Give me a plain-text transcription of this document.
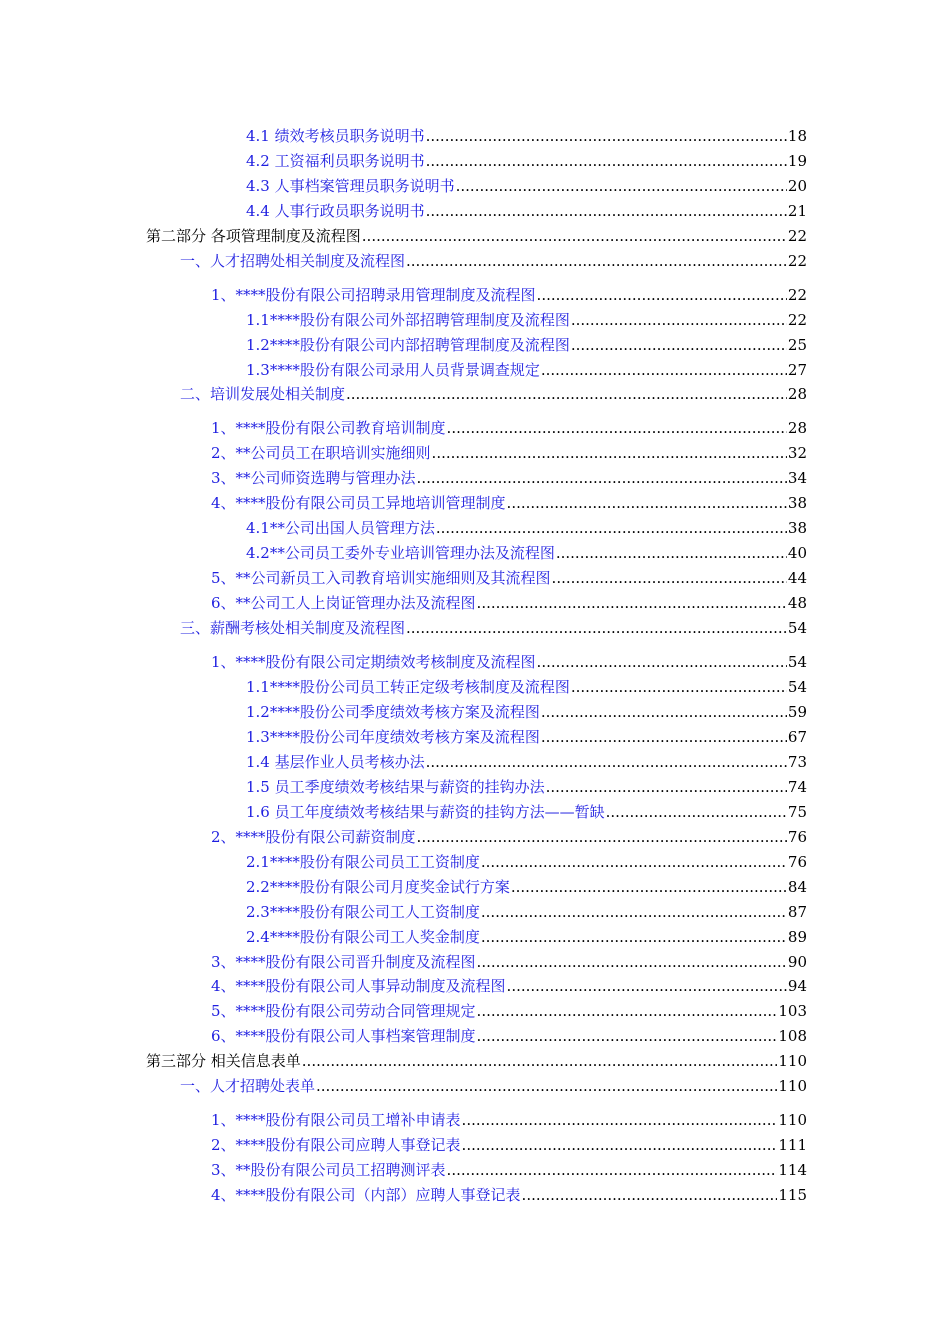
4.1 绩效考核员职务说明书 .....	18
4.2 工资福利员职务说明书 .....	19
4.3 人事档案管理员职务说明书 .....	20
4.4 人事行政员职务说明书 .....	21
第二部分 各项管理制度及流程图 .....	22
一、人才招聘处相关制度及流程图 .....	22
1、****股份有限公司招聘录用管理制度及流程图 .....	22
1.1****股份有限公司外部招聘管理制度及流程图 .....	22
1.2****股份有限公司内部招聘管理制度及流程图 .....	25
1.3****股份有限公司录用人员背景调查规定 .....	27
二、培训发展处相关制度 .....	28
1、****股份有限公司教育培训制度 .....	28
2、**公司员工在职培训实施细则 .....	32
3、**公司师资选聘与管理办法 .....	34
4、****股份有限公司员工异地培训管理制度 .....	38
4.1**公司出国人员管理方法 .....	38
4.2**公司员工委外专业培训管理办法及流程图 .....	40
5、**公司新员工入司教育培训实施细则及其流程图 .....	44
6、**公司工人上岗证管理办法及流程图 .....	48
三、薪酬考核处相关制度及流程图 .....	54
1、****股份有限公司定期绩效考核制度及流程图 .....	54
1.1****股份公司员工转正定级考核制度及流程图 .....	54
1.2****股份公司季度绩效考核方案及流程图 .....	59
1.3****股份公司年度绩效考核方案及流程图 .....	67
1.4 基层作业人员考核办法 .....	73
1.5 员工季度绩效考核结果与薪资的挂钩办法 .....	74
1.6 员工年度绩效考核结果与薪资的挂钩方法——暂缺 .....	75
2、****股份有限公司薪资制度 .....	76
2.1****股份有限公司员工工资制度 .....	76
2.2****股份有限公司月度奖金试行方案 .....	84
2.3****股份有限公司工人工资制度 .....	87
2.4****股份有限公司工人奖金制度 .....	89
3、****股份有限公司晋升制度及流程图 .....	90
4、****股份有限公司人事异动制度及流程图 .....	94
5、****股份有限公司劳动合同管理规定 .....	103
6、****股份有限公司人事档案管理制度 .....	108
第三部分 相关信息表单 .....	110
一、人才招聘处表单 .....	110
1、****股份有限公司员工增补申请表 .....	110
2、****股份有限公司应聘人事登记表 .....	111
3、**股份有限公司员工招聘测评表 .....	114
4、****股份有限公司（内部）应聘人事登记表 .....	115
